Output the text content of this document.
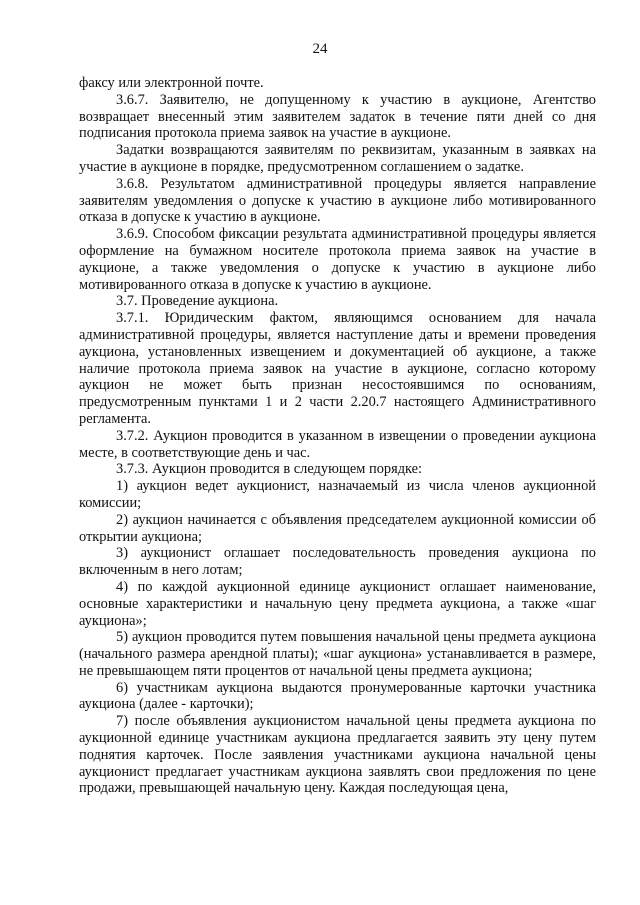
24

факсу или электронной почте.

3.6.7. Заявителю, не допущенному к участию в аукционе, Агентство возвращает внесенный этим заявителем задаток в течение пяти дней со дня подписания протокола приема заявок на участие в аукционе.

Задатки возвращаются заявителям по реквизитам, указанным в заявках на участие в аукционе в порядке, предусмотренном соглашением о задатке.

3.6.8. Результатом административной процедуры является направление заявителям уведомления о допуске к участию в аукционе либо мотивированного отказа в допуске к участию в аукционе.

3.6.9. Способом фиксации результата административной процедуры является оформление на бумажном носителе протокола приема заявок на участие в аукционе, а также уведомления о допуске к участию в аукционе либо мотивированного отказа в допуске к участию в аукционе.

3.7. Проведение аукциона.

3.7.1. Юридическим фактом, являющимся основанием для начала административной процедуры, является наступление даты и времени проведения аукциона, установленных извещением и документацией об аукционе, а также наличие протокола приема заявок на участие в аукционе, согласно которому аукцион не может быть признан несостоявшимся по основаниям, предусмотренным пунктами 1 и 2 части 2.20.7 настоящего Административного регламента.

3.7.2. Аукцион проводится в указанном в извещении о проведении аукциона месте, в соответствующие день и час.

3.7.3. Аукцион проводится в следующем порядке:

1) аукцион ведет аукционист, назначаемый из числа членов аукционной комиссии;

2) аукцион начинается с объявления председателем аукционной комиссии об открытии аукциона;

3) аукционист оглашает последовательность проведения аукциона по включенным в него лотам;

4) по каждой аукционной единице аукционист оглашает наименование, основные характеристики и начальную цену предмета аукциона, а также «шаг аукциона»;

5) аукцион проводится путем повышения начальной цены предмета аукциона (начального размера арендной платы); «шаг аукциона» устанавливается в размере, не превышающем пяти процентов от начальной цены предмета аукциона;

6) участникам аукциона выдаются пронумерованные карточки участника аукциона (далее - карточки);

7) после объявления аукционистом начальной цены предмета аукциона по аукционной единице участникам аукциона предлагается заявить эту цену путем поднятия карточек. После заявления участниками аукциона начальной цены аукционист предлагает участникам аукциона заявлять свои предложения по цене продажи, превышающей начальную цену. Каждая последующая цена,
